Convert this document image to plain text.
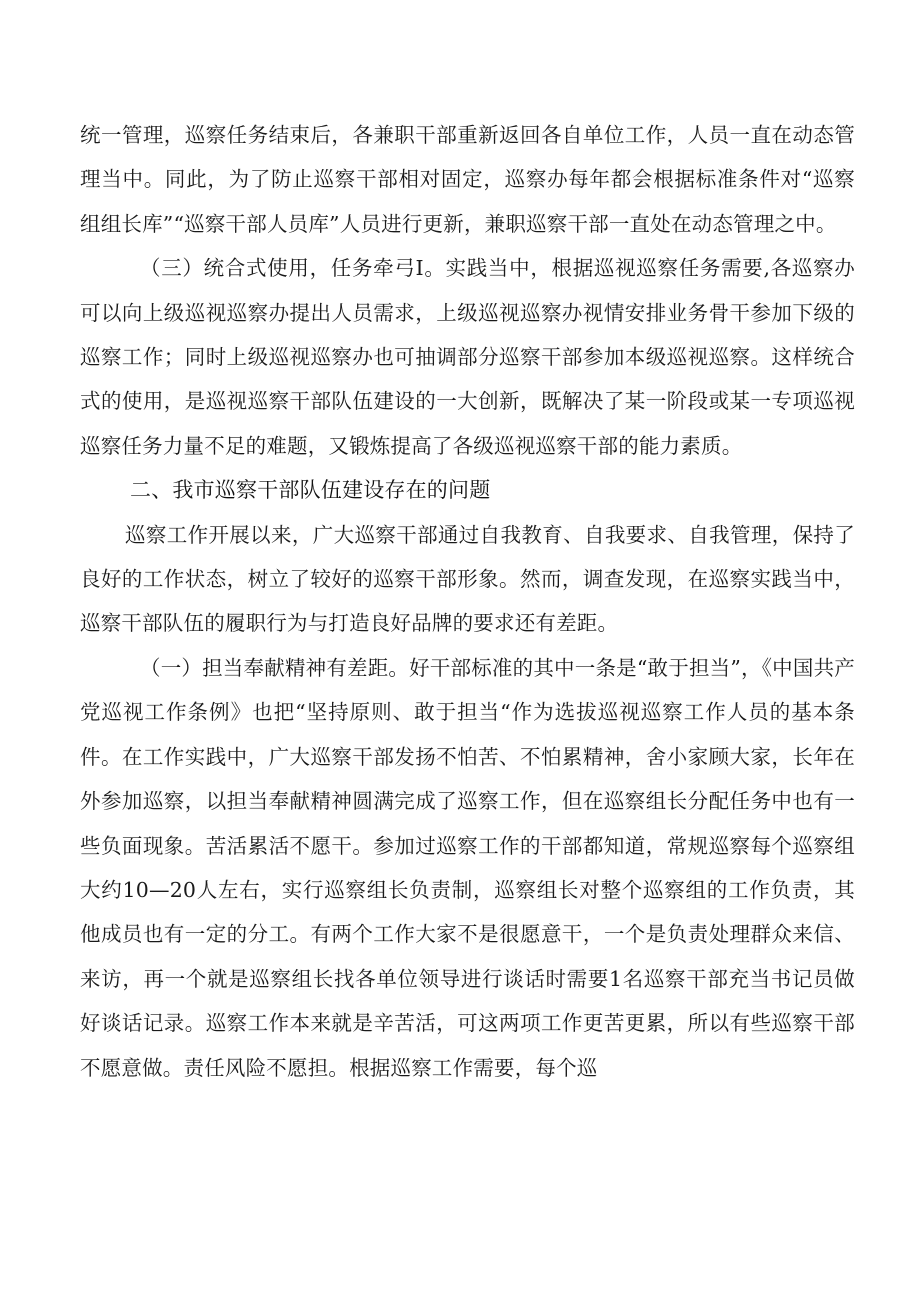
统一管理，巡察任务结束后，各兼职干部重新返回各自单位工作，人员一直在动态管理当中。同此，为了防止巡察干部相对固定，巡察办每年都会根据标准条件对“巡察组组长库”“巡察干部人员库”人员进行更新，兼职巡察干部一直处在动态管理之中。

（三）统合式使用，任务牵弓I。实践当中，根据巡视巡察任务需要,各巡察办可以向上级巡视巡察办提出人员需求，上级巡视巡察办视情安排业务骨干参加下级的巡察工作；同时上级巡视巡察办也可抽调部分巡察干部参加本级巡视巡察。这样统合式的使用，是巡视巡察干部队伍建设的一大创新，既解决了某一阶段或某一专项巡视巡察任务力量不足的难题，又锻炼提高了各级巡视巡察干部的能力素质。

二、我市巡察干部队伍建设存在的问题

巡察工作开展以来，广大巡察干部通过自我教育、自我要求、自我管理，保持了良好的工作状态，树立了较好的巡察干部形象。然而，调查发现，在巡察实践当中，巡察干部队伍的履职行为与打造良好品牌的要求还有差距。

（一）担当奉献精神有差距。好干部标准的其中一条是“敢于担当”，《中国共产党巡视工作条例》也把“坚持原则、敢于担当“作为选拔巡视巡察工作人员的基本条件。在工作实践中，广大巡察干部发扬不怕苦、不怕累精神，舍小家顾大家，长年在外参加巡察，以担当奉献精神圆满完成了巡察工作，但在巡察组长分配任务中也有一些负面现象。苦活累活不愿干。参加过巡察工作的干部都知道，常规巡察每个巡察组大约10—20人左右，实行巡察组长负责制，巡察组长对整个巡察组的工作负责，其他成员也有一定的分工。有两个工作大家不是很愿意干，一个是负责处理群众来信、来访，再一个就是巡察组长找各单位领导进行谈话时需要1名巡察干部充当书记员做好谈话记录。巡察工作本来就是辛苦活，可这两项工作更苦更累，所以有些巡察干部不愿意做。责任风险不愿担。根据巡察工作需要，每个巡
